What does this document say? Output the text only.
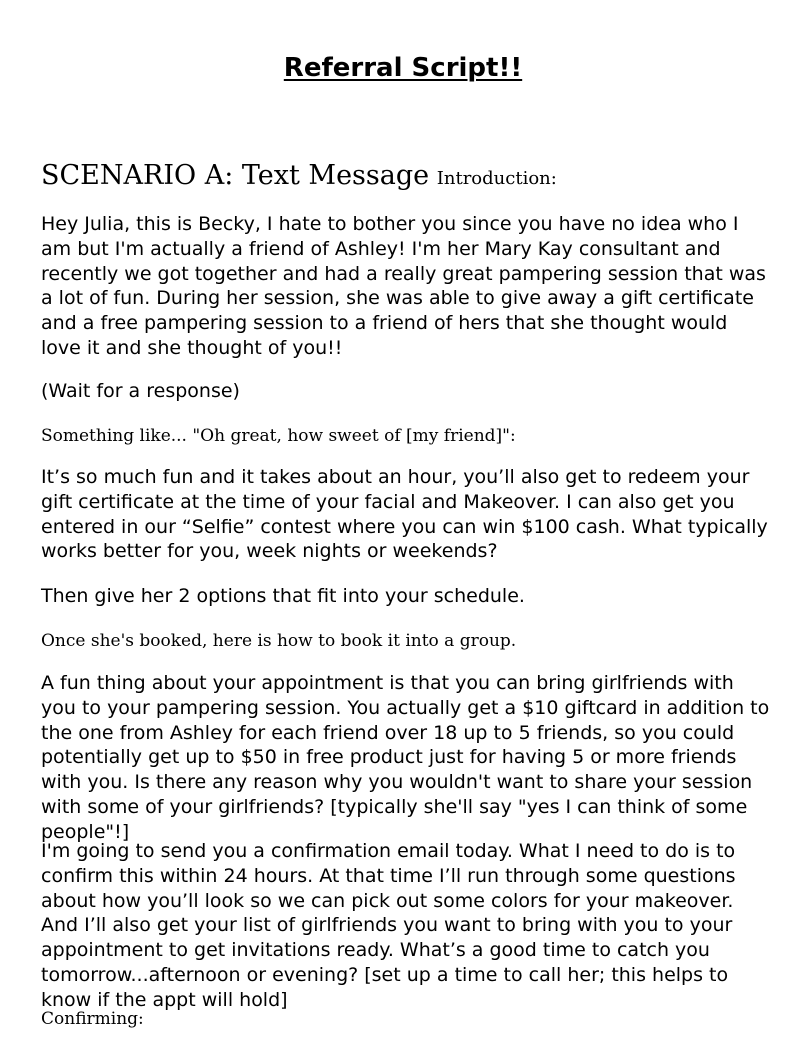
Referral Script!!
SCENARIO A: Text Message Introduction:

Hey Julia, this is Becky, I hate to bother you since you have no idea who I am but I'm actually a friend of Ashley! I'm her Mary Kay consultant and recently we got together and had a really great pampering session that was a lot of fun. During her session, she was able to give away a gift certificate and a free pampering session to a friend of hers that she thought would love it and she thought of you!!

(Wait for a response)

Something like... "Oh great, how sweet of [my friend]":

It’s so much fun and it takes about an hour, you’ll also get to redeem your gift certificate at the time of your facial and Makeover. I can also get you entered in our “Selfie” contest where you can win $100 cash. What typically works better for you, week nights or weekends?

Then give her 2 options that fit into your schedule.

Once she's booked, here is how to book it into a group.

A fun thing about your appointment is that you can bring girlfriends with you to your pampering session. You actually get a $10 giftcard in addition to the one from Ashley for each friend over 18 up to 5 friends, so you could potentially get up to $50 in free product just for having 5 or more friends with you. Is there any reason why you wouldn't want to share your session with some of your girlfriends? [typically she'll say "yes I can think of some people"!]

I'm going to send you a confirmation email today. What I need to do is to confirm this within 24 hours. At that time I’ll run through some questions about how you’ll look so we can pick out some colors for your makeover. And I’ll also get your list of girlfriends you want to bring with you to your appointment to get invitations ready. What’s a good time to catch you tomorrow...afternoon or evening? [set up a time to call her; this helps to know if the appt will hold]

Confirming:
